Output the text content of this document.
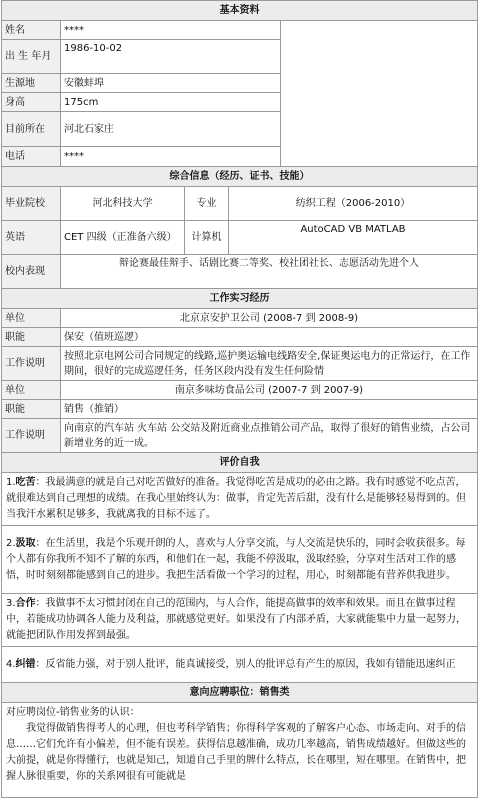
基本资料		
姓名	****	
出 生 年月	1986-10-02	
生源地	安徽蚌埠	
身高	175cm	
目前所在	河北石家庄	
电话	****	
综合信息（经历、证书、技能）			
毕业院校	河北科技大学	专业	纺织工程（2006-2010）
英语	CET 四级（正准备六级）	计算机	AutoCAD VB MATLAB
校内表现	辩论赛最佳辩手、话剧比赛二等奖、校社团社长、志愿活动先进个人		
工作实习经历	
单位	北京京安护卫公司 (2008-7 到 2008-9)
职能	保安（值班巡逻）
工作说明	按照北京电网公司合同规定的线路,巡护奥运输电线路安全,保证奥运电力的正常运行，在工作期间，很好的完成巡逻任务，任务区段内没有发生任何险情
单位	南京多味坊食品公司 (2007-7 到 2007-9)
职能	销售（推销）
工作说明	向南京的汽车站 火车站 公交站及附近商业点推销公司产品，取得了很好的销售业绩，占公司新增业务的近一成。
评价自我
1.吃苦：我最满意的就是自己对吃苦做好的准备。我觉得吃苦是成功的必由之路。我有时感觉不吃点苦，就很难达到自己理想的成绩。在我心里始终认为：做事，肯定先苦后甜，没有什么是能够轻易得到的。但当我汗水累积足够多，我就离我的目标不远了。
2.汲取：在生活里，我是个乐观开朗的人，喜欢与人分享交流，与人交流是快乐的，同时会收获很多。每个人都有你我所不知不了解的东西，和他们在一起，我能不停汲取，汲取经验，分享对生活对工作的感悟，时时刻刻都能感到自己的进步。我把生活看做一个学习的过程，用心，时刻都能有营养供我进步。
3.合作：我做事不太习惯封闭在自己的范围内，与人合作，能提高做事的效率和效果。而且在做事过程中，若能成功协调各人能力及利益，那就感觉更好。如果没有了内部矛盾，大家就能集中力量一起努力，就能把团队作用发挥到最强。
4.纠错：反省能力强，对于别人批评，能真诚接受，别人的批评总有产生的原因，我如有错能迅速纠正
意向应聘职位：销售类

对应聘岗位-销售业务的认识：
我觉得做销售得考人的心理，但也考科学销售；你得科学客观的了解客户心态、市场走向、对手的信息……它们允许有小偏差，但不能有误差。获得信息越准确，成功几率越高，销售成绩越好。但做这些的大前提，就是你得懂行，也就是知己，知道自己手里的牌什么特点，长在哪里，短在哪里。在销售中，把握人脉很重要，你的关系网很有可能就是
